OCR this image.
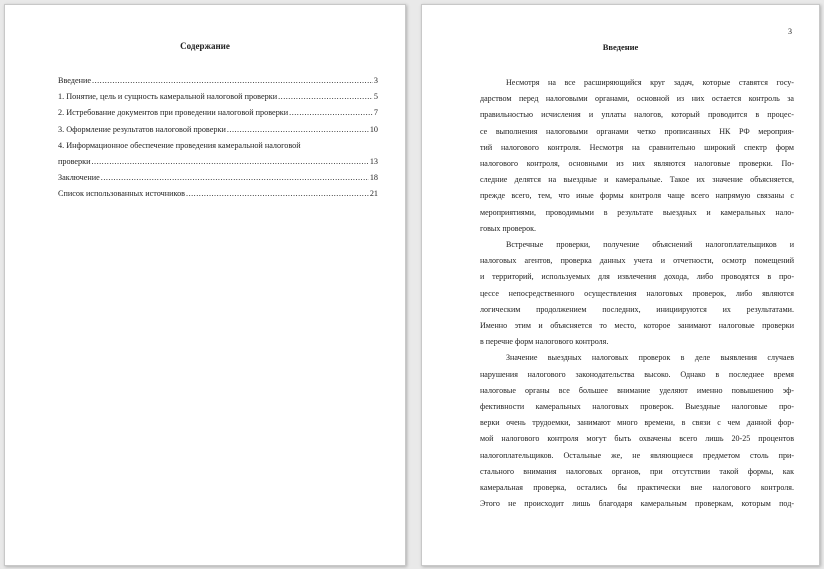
Содержание
Введение .....	3
1. Понятие, цель и сущность камеральной налоговой проверки .....	5
2. Истребование документов при проведении налоговой проверки .....	7
3. Оформление результатов налоговой проверки .....	10
4. Информационное обеспечение проведения камеральной налоговой
проверки .....	13
Заключение .....	18
Список использованных источников .....	21
3
Введение
Несмотря на все расширяющийся круг задач, которые ставятся госу-
дарством перед налоговыми органами, основной из них остается контроль за
правильностью исчисления и уплаты налогов, который проводится в процес-
се выполнения налоговыми органами четко прописанных НК РФ мероприя-
тий налогового контроля. Несмотря на сравнительно широкий спектр форм
налогового контроля, основными из них являются налоговые проверки. По-
следние делятся на выездные и камеральные. Такое их значение объясняется,
прежде всего, тем, что иные формы контроля чаще всего напрямую связаны с
мероприятиями, проводимыми в результате выездных и камеральных нало-
говых проверок.
Встречные проверки, получение объяснений налогоплательщиков и
налоговых агентов, проверка данных учета и отчетности, осмотр помещений
и территорий, используемых для извлечения дохода, либо проводятся в про-
цессе непосредственного осуществления налоговых проверок, либо являются
логическим продолжением последних, инициируются их результатами.
Именно этим и объясняется то место, которое занимают налоговые проверки
в перечне форм налогового контроля.
Значение выездных налоговых проверок в деле выявления случаев
нарушения налогового законодательства высоко. Однако в последнее время
налоговые органы все большее внимание уделяют именно повышению эф-
фективности камеральных налоговых проверок. Выездные налоговые про-
верки очень трудоемки, занимают много времени, в связи с чем данной фор-
мой налогового контроля могут быть охвачены всего лишь 20-25 процентов
налогоплательщиков. Остальные же, не являющиеся предметом столь при-
стального внимания налоговых органов, при отсутствии такой формы, как
камеральная проверка, остались бы практически вне налогового контроля.
Этого не происходит лишь благодаря камеральным проверкам, которым под-
